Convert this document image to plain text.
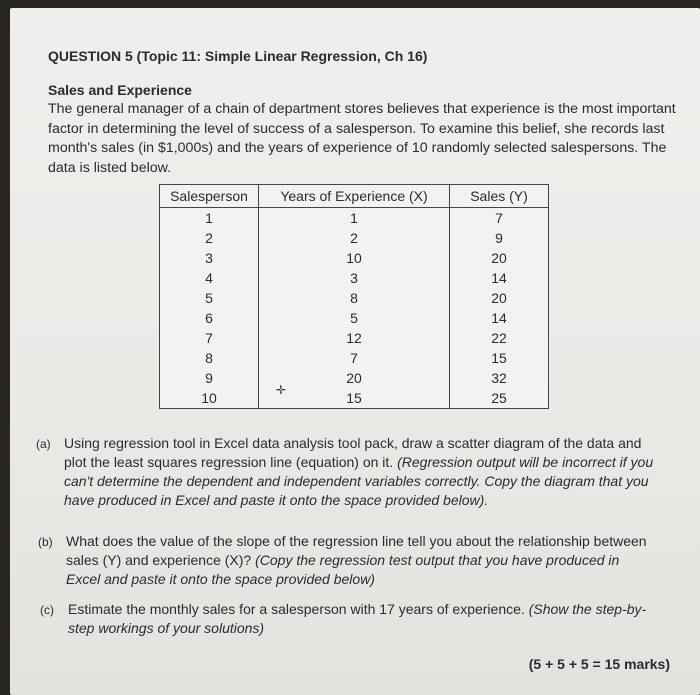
QUESTION 5 (Topic 11: Simple Linear Regression, Ch 16)

Sales and Experience

The general manager of a chain of department stores believes that experience is the most important factor in determining the level of success of a salesperson. To examine this belief, she records last month's sales (in $1,000s) and the years of experience of 10 randomly selected salespersons. The data is listed below.

Salesperson	Years of Experience (X)	Sales (Y)
1	1	7
2	2	9
3	10	20
4	3	14
5	8	20
6	5	14
7	12	22
8	7	15
9	20	32
10	15	25
✛
(a) Using regression tool in Excel data analysis tool pack, draw a scatter diagram of the data and plot the least squares regression line (equation) on it. (Regression output will be incorrect if you can't determine the dependent and independent variables correctly. Copy the diagram that you have produced in Excel and paste it onto the space provided below).
(b) What does the value of the slope of the regression line tell you about the relationship between sales (Y) and experience (X)? (Copy the regression test output that you have produced in Excel and paste it onto the space provided below)
(c) Estimate the monthly sales for a salesperson with 17 years of experience. (Show the step-by-step workings of your solutions)
(5 + 5 + 5 = 15 marks)
